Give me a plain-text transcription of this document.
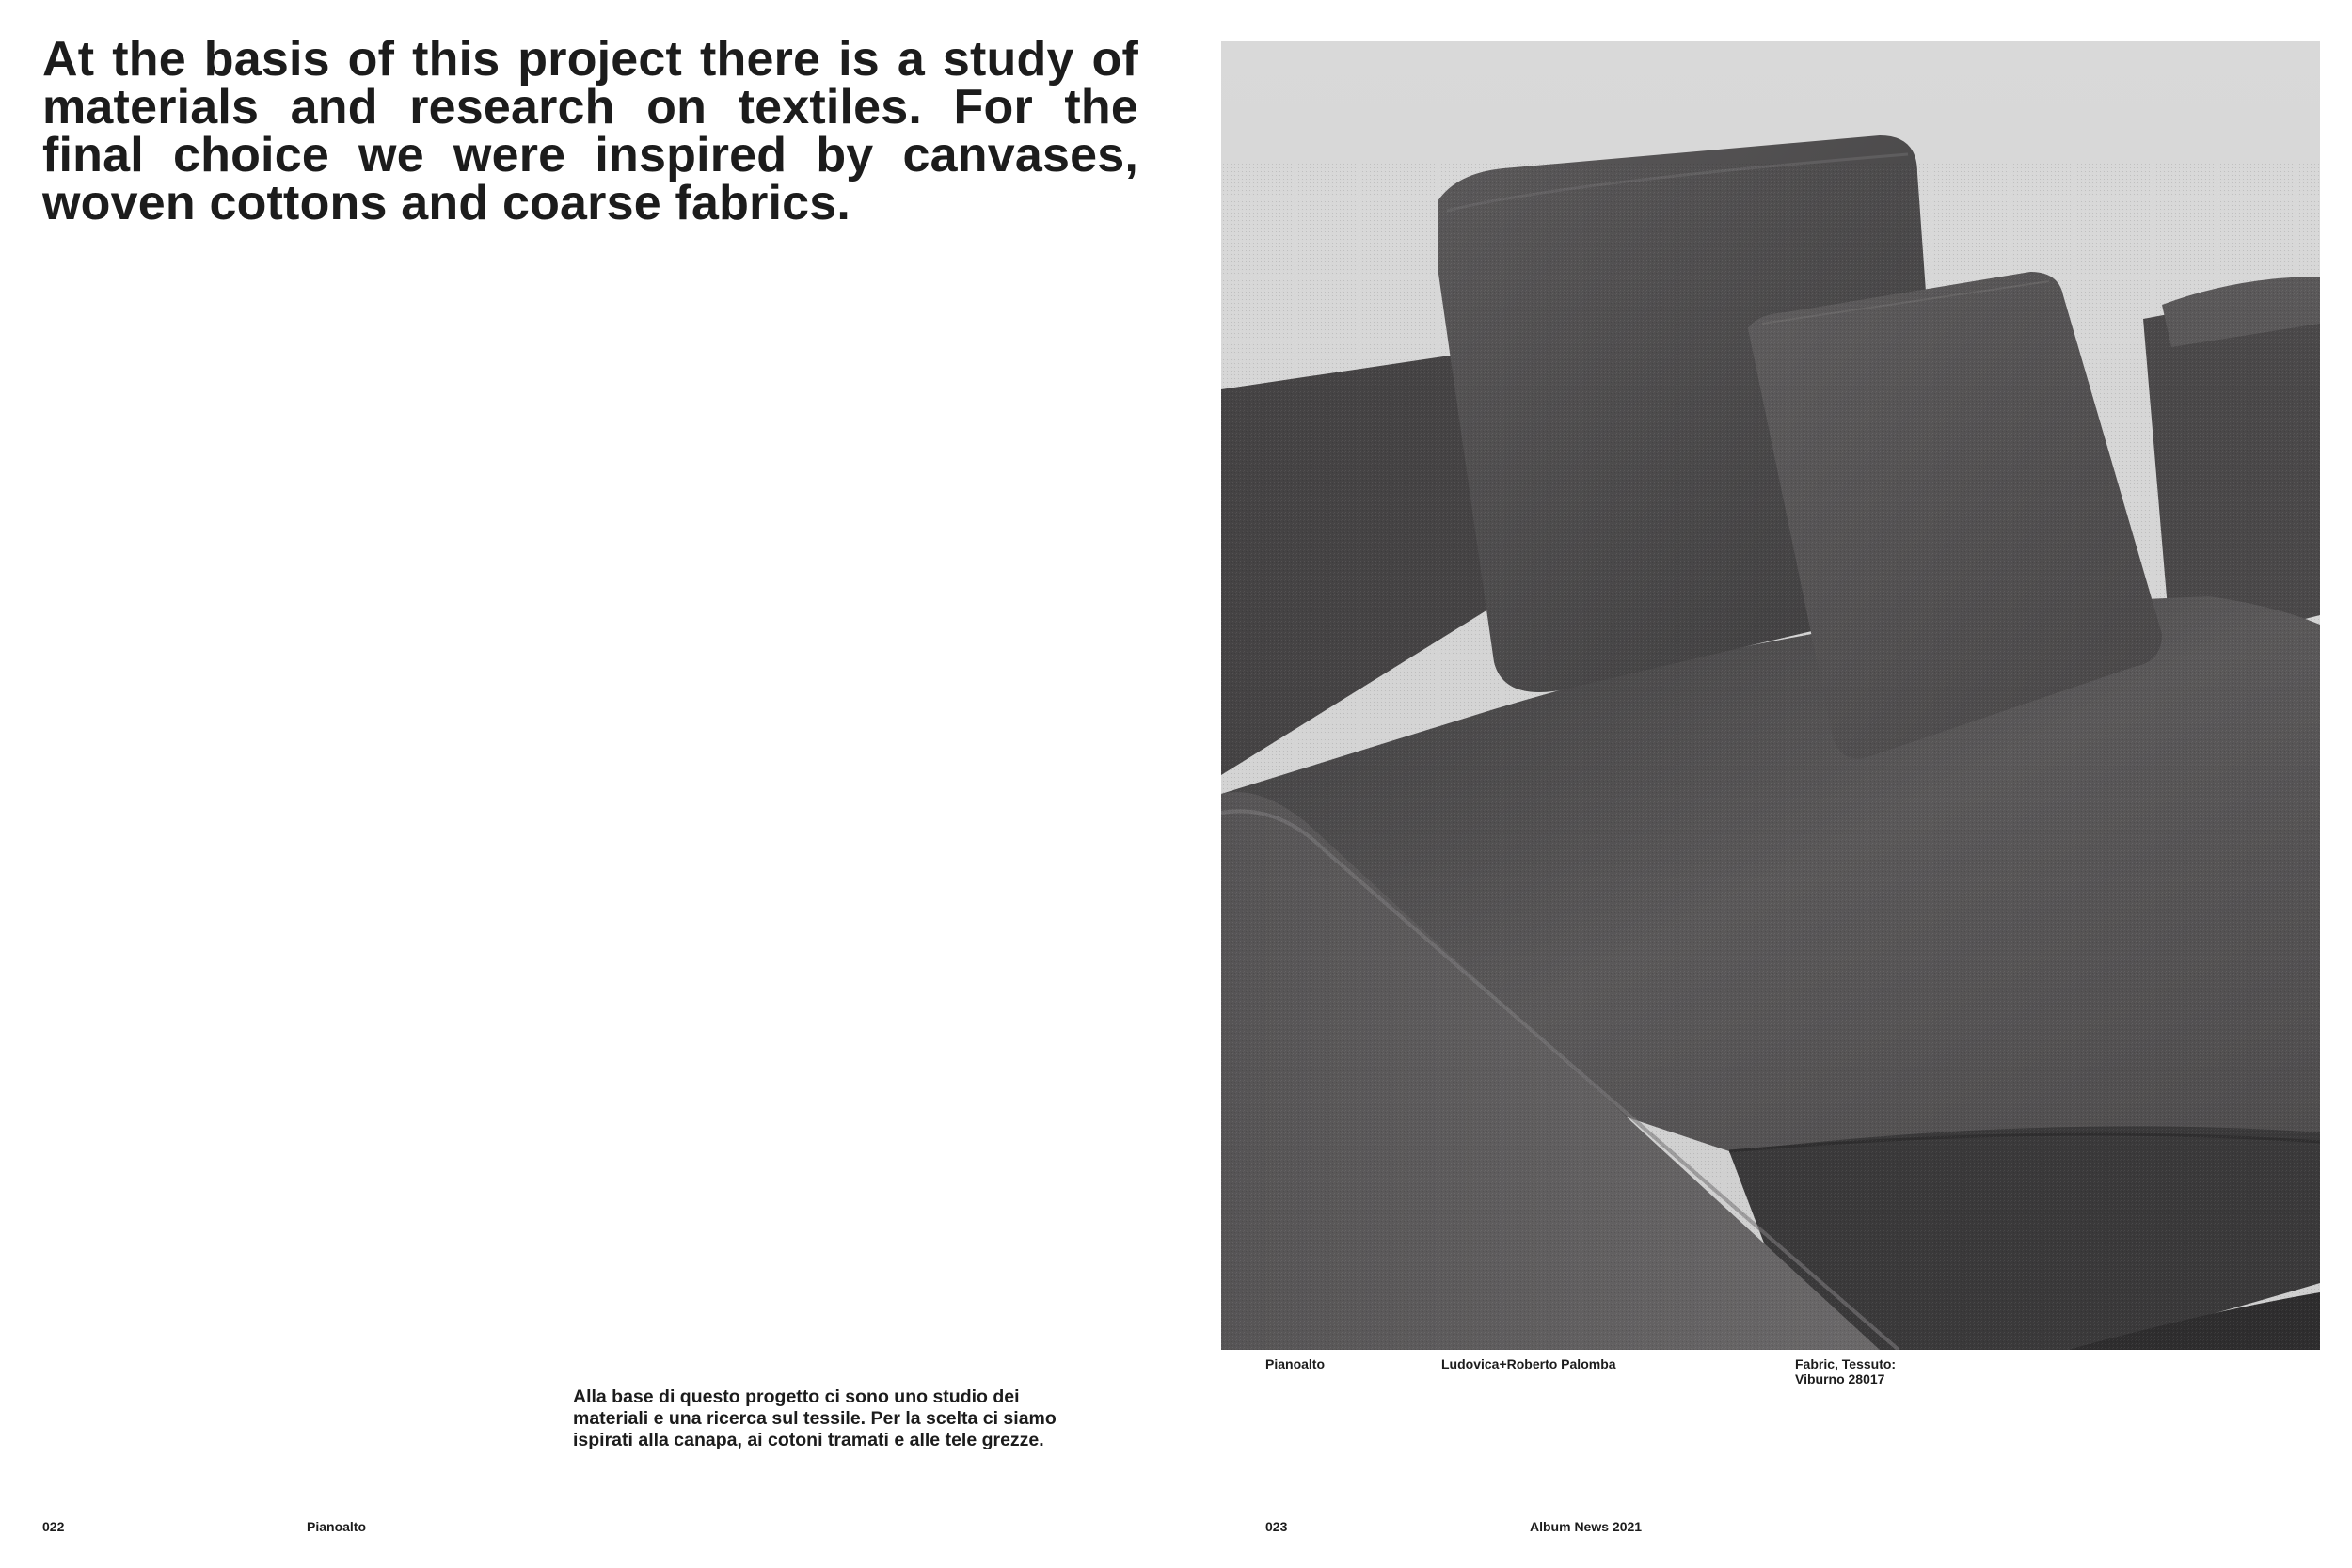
At the basis of this project there is a study of materials and research on textiles. For the final choice we were inspired by canvases, woven cottons and coarse fabrics.
Alla base di questo progetto ci sono uno studio dei materiali e una ricerca sul tessile. Per la scelta ci siamo ispirati alla canapa, ai cotoni tramati e alle tele grezze.
022	Pianoalto
Pianoalto	Ludovica+Roberto Palomba	Fabric, Tessuto:
Viburno 28017
023	Album News 2021
